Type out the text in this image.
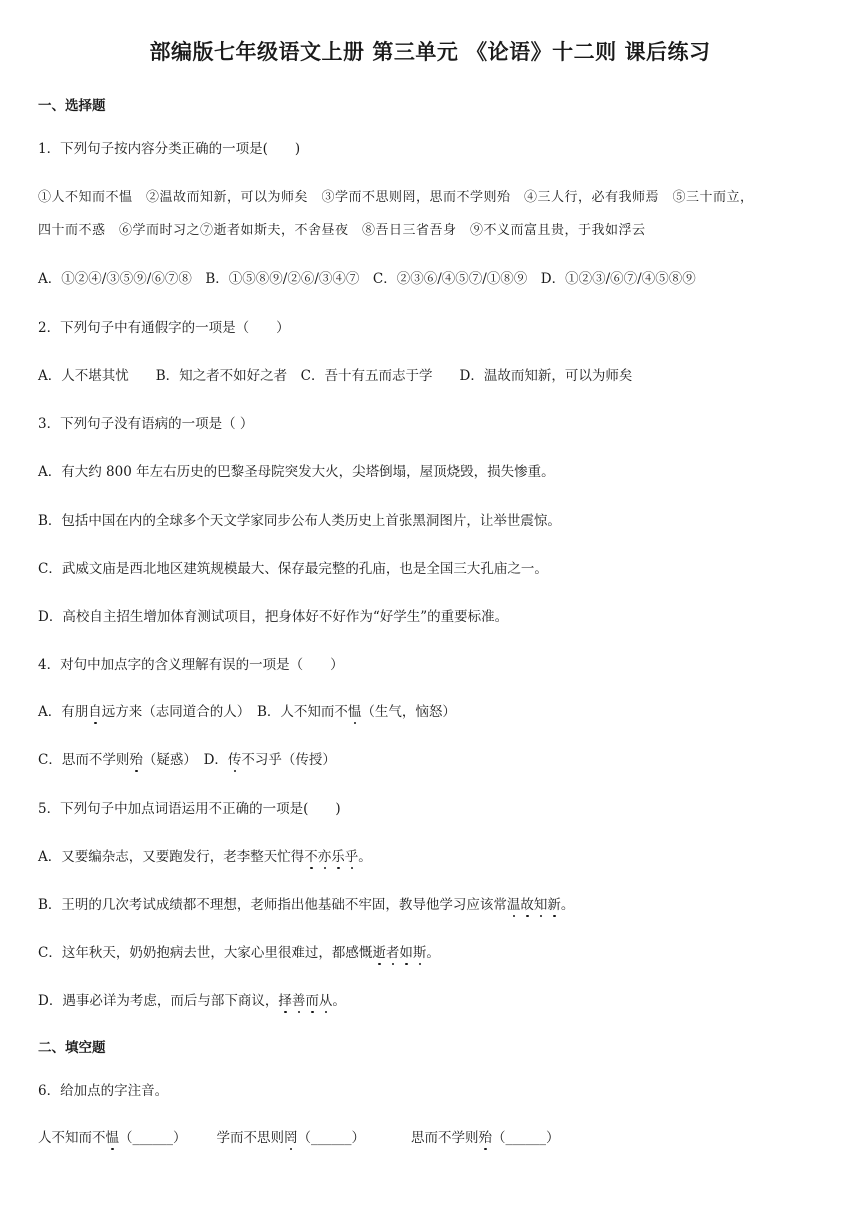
部编版七年级语文上册 第三单元 《论语》十二则 课后练习
一、选择题
1．下列句子按内容分类正确的一项是(　　)
①人不知而不愠　②温故而知新，可以为师矣　③学而不思则罔，思而不学则殆　④三人行，必有我师焉　⑤三十而立，
四十而不惑　⑥学而时习之⑦逝者如斯夫，不舍昼夜　⑧吾日三省吾身　⑨不义而富且贵，于我如浮云
A．①②④/③⑤⑨/⑥⑦⑧　B．①⑤⑧⑨/②⑥/③④⑦　C．②③⑥/④⑤⑦/①⑧⑨　D．①②③/⑥⑦/④⑤⑧⑨
2．下列句子中有通假字的一项是（　　）
A．人不堪其忧　　B．知之者不如好之者　C．吾十有五而志于学　　D．温故而知新，可以为师矣
3．下列句子没有语病的一项是（ ）
A．有大约 800 年左右历史的巴黎圣母院突发大火，尖塔倒塌，屋顶烧毁，损失惨重。
B．包括中国在内的全球多个天文学家同步公布人类历史上首张黑洞图片，让举世震惊。
C．武威文庙是西北地区建筑规模最大、保存最完整的孔庙，也是全国三大孔庙之一。
D．高校自主招生增加体育测试项目，把身体好不好作为“好学生”的重要标准。
4．对句中加点字的含义理解有误的一项是（　　）
A．有朋自远方来（志同道合的人）　B．人不知而不愠（生气，恼怒）
C．思而不学则殆（疑惑）　D．传不习乎（传授）
5．下列句子中加点词语运用不正确的一项是(　　)
A．又要编杂志，又要跑发行，老李整天忙得不亦乐乎。
B．王明的几次考试成绩都不理想，老师指出他基础不牢固，教导他学习应该常温故知新。
C．这年秋天，奶奶抱病去世，大家心里很难过，都感慨逝者如斯。
D．遇事必详为考虑，而后与部下商议，择善而从。
二、填空题
6．给加点的字注音。
人不知而不愠（______） 学而不思则罔（______）	思而不学则殆（______）
